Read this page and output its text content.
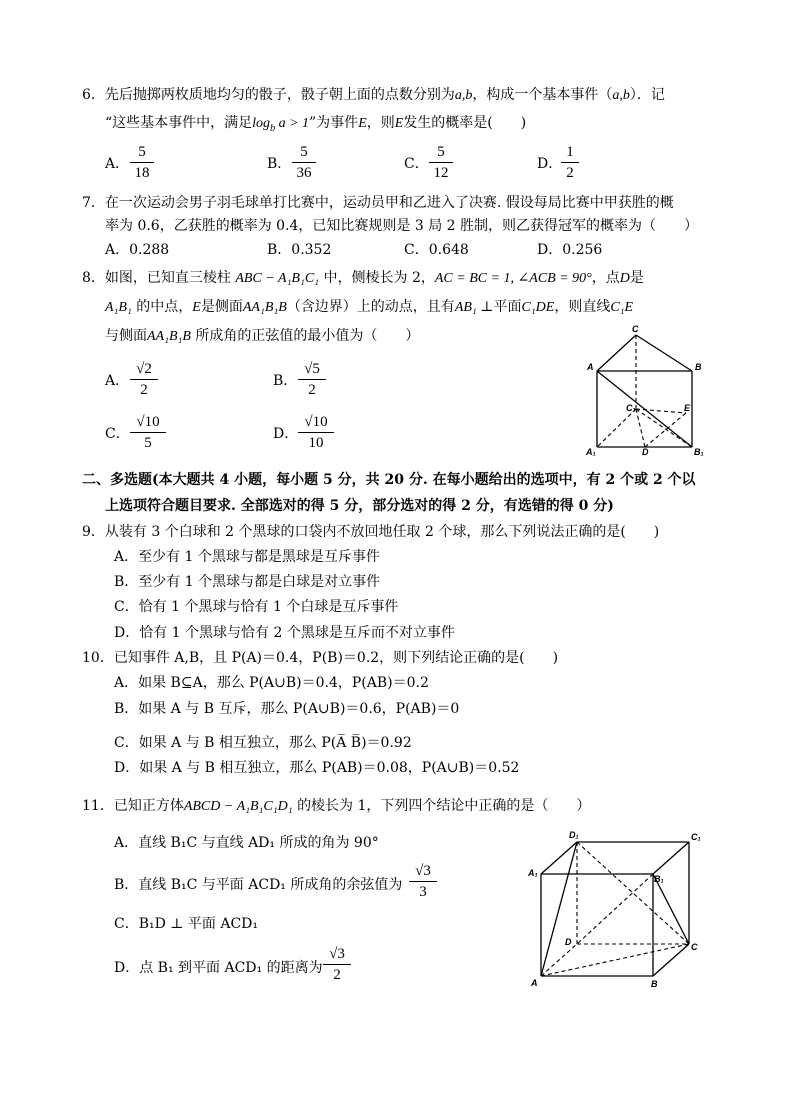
6．先后抛掷两枚质地均匀的骰子，骰子朝上面的点数分别为a,b，构成一个基本事件（a,b）．记
“这些基本事件中，满足$\log_b a > 1$”为事件E，则E发生的概率是(　　)
A． $\frac{5}{18}$	B． $\frac{5}{36}$	C． $\frac{5}{12}$	D．
$\frac{1}{2}$
7．在一次运动会男子羽毛球单打比赛中，运动员甲和乙进入了决赛. 假设每局比赛中甲获胜的概
率为 0.6，乙获胜的概率为 0.4，已知比赛规则是 3 局 2 胜制，则乙获得冠军的概率为（　　）
A．0.288	B．0.352	C．0.648	D．0.256
8．如图，已知直三棱柱 ABC − A₁B₁C₁ 中，侧棱长为 2，AC = BC = 1, ∠ACB = 90°，点D是
A₁B₁ 的中点，E是侧面AA₁B₁B（含边界）上的动点，且有AB₁ ⊥平面C₁DE，则直线C₁E
与侧面AA₁B₁B 所成角的正弦值的最小值为（　　）
A． $\frac{√2}{2}$	B． $\frac{√5}{2}$
C． $\frac{√10}{5}$	D． $\frac{√10}{10}$
C
A	B
C₁	E
A₁	D	B₁
二、多选题(本大题共 4 小题，每小题 5 分，共 20 分. 在每小题给出的选项中，有 2 个或 2 个以
上选项符合题目要求. 全部选对的得 5 分，部分选对的得 2 分，有选错的得 0 分)
9．从装有 3 个白球和 2 个黑球的口袋内不放回地任取 2 个球，那么下列说法正确的是(　　)
A．至少有 1 个黑球与都是黑球是互斥事件
B．至少有 1 个黑球与都是白球是对立事件
C．恰有 1 个黑球与恰有 1 个白球是互斥事件
D．恰有 1 个黑球与恰有 2 个黑球是互斥而不对立事件
10．已知事件 A,B，且 P(A)＝0.4，P(B)＝0.2，则下列结论正确的是(　　)
A．如果 B⊆A，那么 P(A∪B)＝0.4，P(AB)＝0.2
B．如果 A 与 B 互斥，那么 P(A∪B)＝0.6，P(AB)＝0
C．如果 A 与 B 相互独立，那么 P(A̅ B̅)＝0.92
D．如果 A 与 B 相互独立，那么 P(AB)＝0.08，P(A∪B)＝0.52
11．已知正方体ABCD − A₁B₁C₁D₁ 的棱长为 1，下列四个结论中正确的是（　　）
A．直线 B₁C 与直线 AD₁ 所成的角为 90°
B．直线 B₁C 与平面 ACD₁ 所成角的余弦值为 $\frac{√3}{3}$
C．B₁D ⊥ 平面 ACD₁
D．点 B₁ 到平面 ACD₁ 的距离为 $\frac{√3}{2}$
D₁	C₁
A₁
B₁
D	C
A	B
